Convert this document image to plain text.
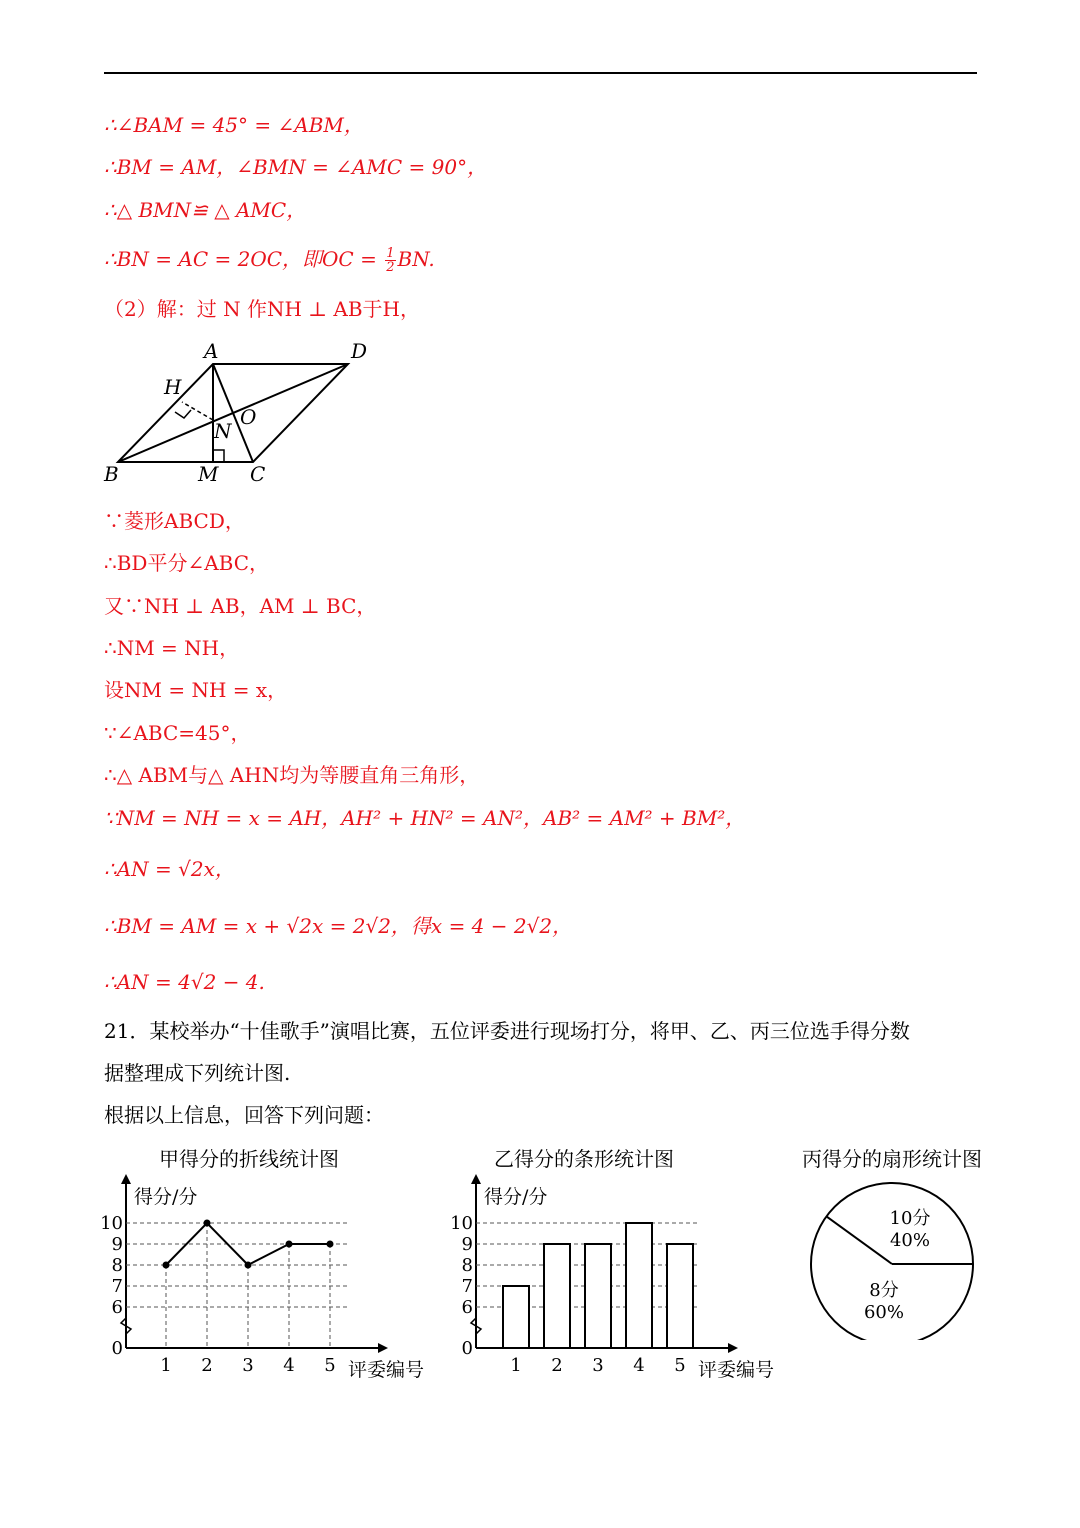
∴∠BAM = 45° = ∠ABM，
∴BM = AM，∠BMN = ∠AMC = 90°，
∴△ BMN≌ △ AMC，
∴BN = AC = 2OC，即OC = $\frac{1}{2}$ BN.
（2）解：过 N 作NH ⊥ AB于H，
A	D
H
O
N
B	M C
∵菱形ABCD，
∴BD平分∠ABC，
又∵NH ⊥ AB，AM ⊥ BC，
∴NM = NH，
设NM = NH = x，
∵∠ABC=45°，
∴△ ABM与△ AHN均为等腰直角三角形，
∵NM = NH = x = AH，AH² + HN² = AN²，AB² = AM² + BM²，
∴AN = √2x，
∴BM = AM = x + √2x = 2√2，得x = 4 − 2√2，
∴AN = 4√2 − 4.
21．某校举办“十佳歌手”演唱比赛，五位评委进行现场打分，将甲、乙、丙三位选手得分数
据整理成下列统计图.
根据以上信息，回答下列问题：
甲得分的折线统计图
得分/分
评委编号
0
6
7
8
9
10
1 2 3 4 5
乙得分的条形统计图
得分/分
评委编号
0
6
7
8
9
10
1 2 3 4 5
丙得分的扇形统计图
10分
40%
8分
60%
